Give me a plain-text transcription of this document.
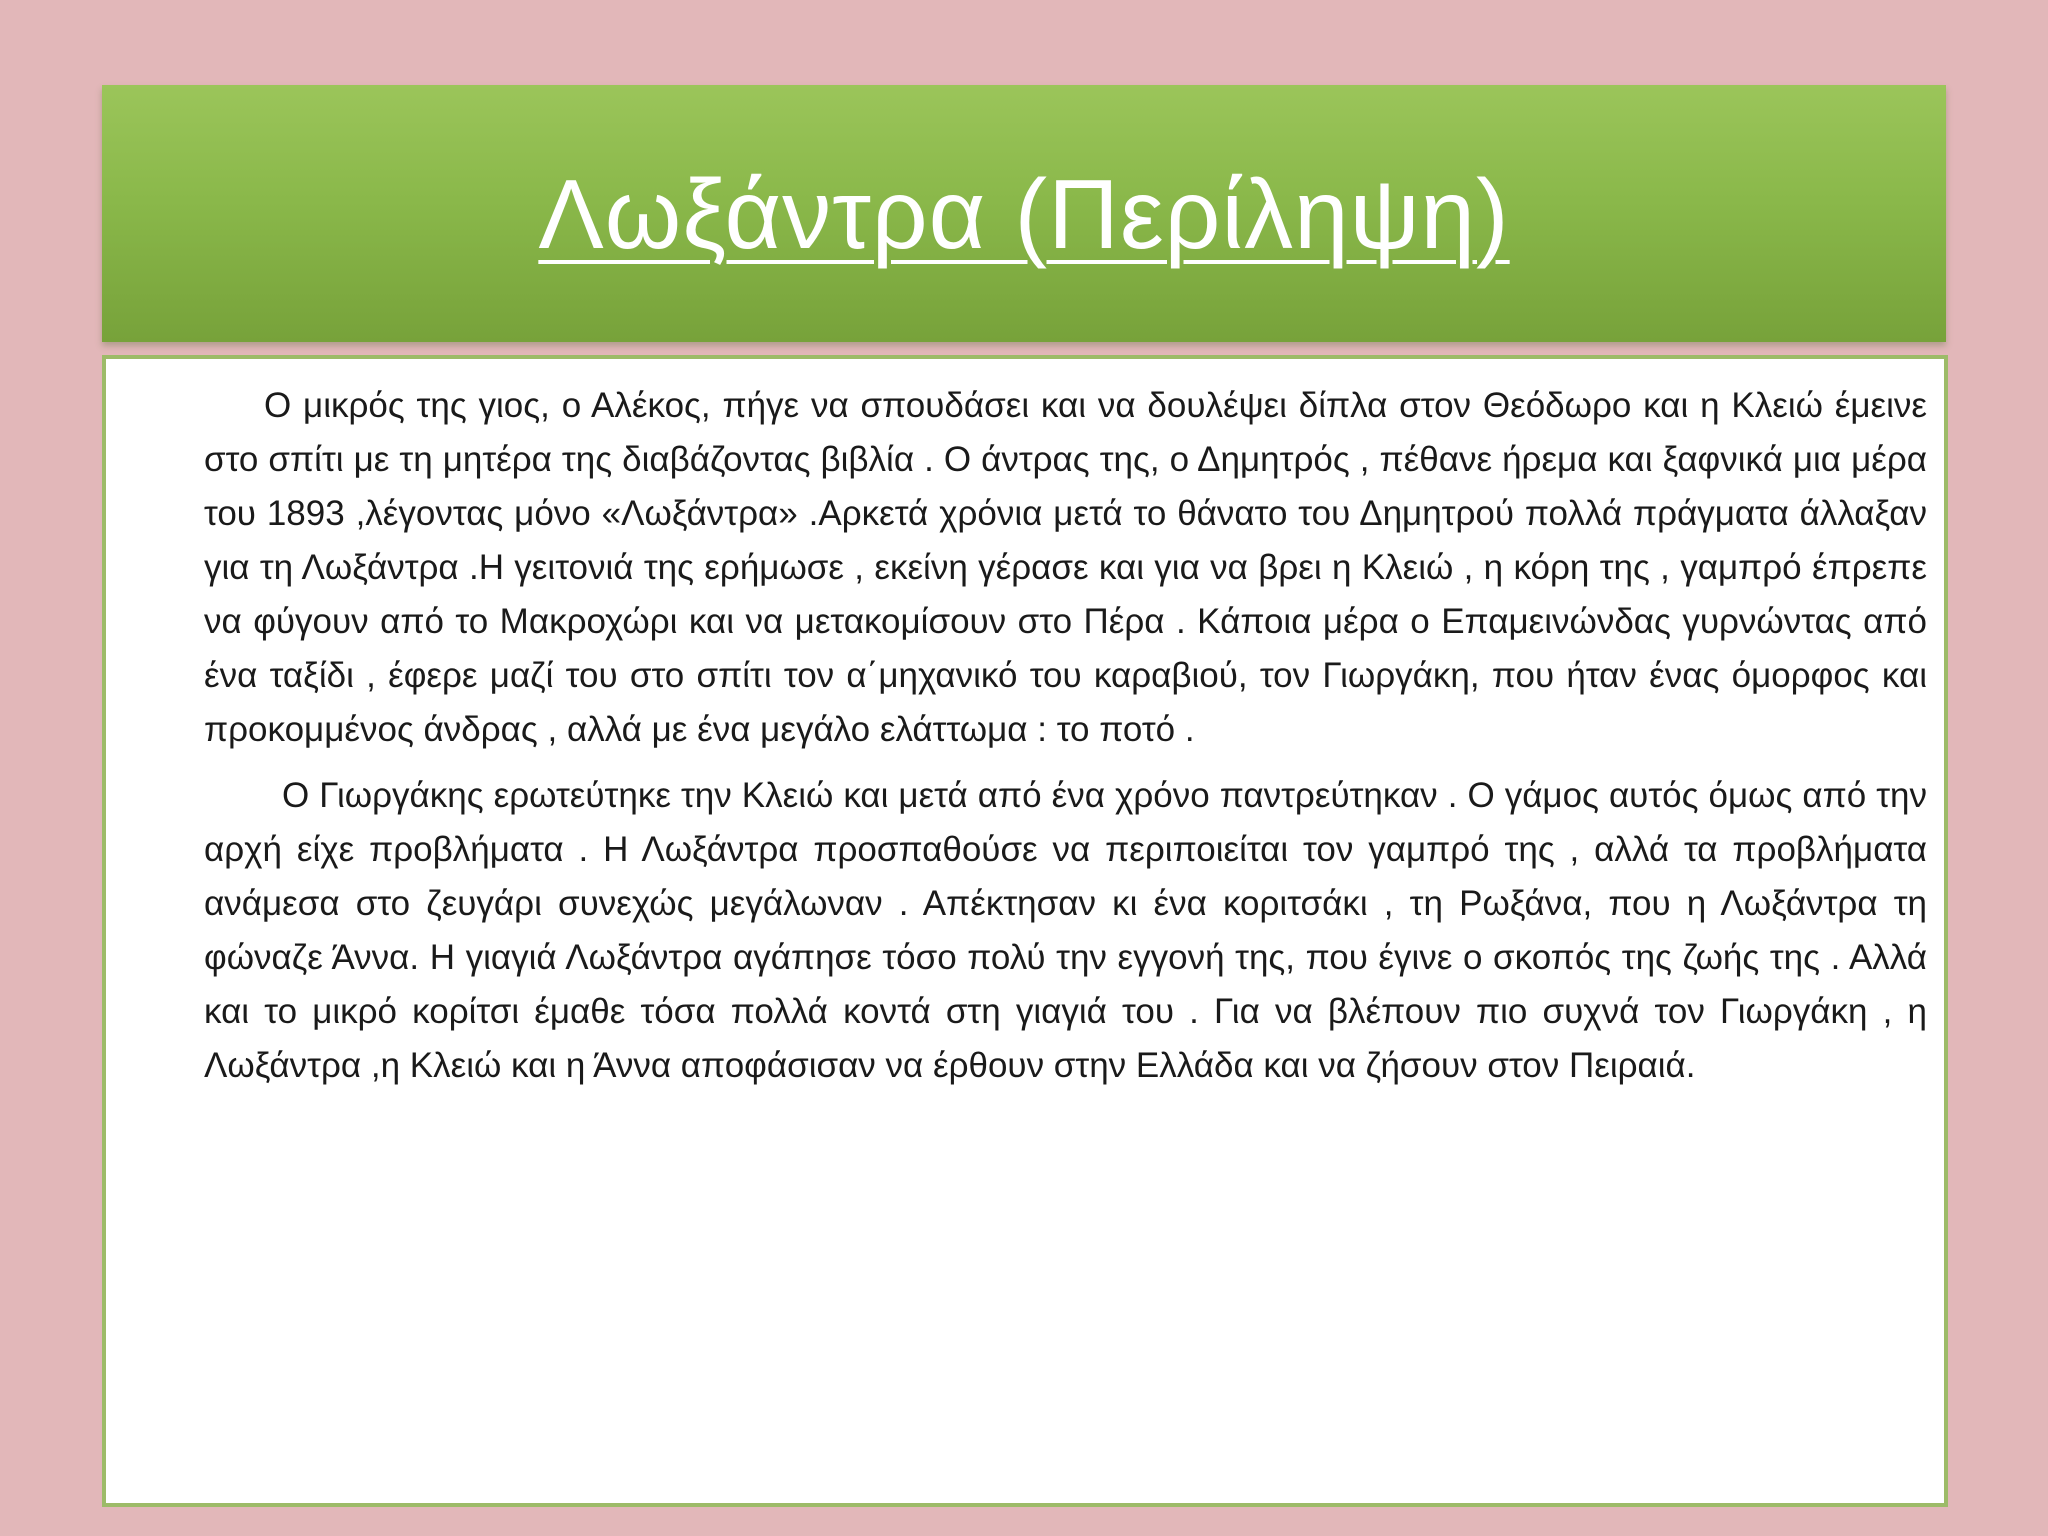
Λωξάντρα (Περίληψη)

Ο μικρός της γιος, ο Αλέκος, πήγε να σπουδάσει και να δουλέψει δίπλα στον Θεόδωρο και η Κλειώ έμεινε στο σπίτι με τη μητέρα της διαβάζοντας βιβλία . Ο άντρας της, ο Δημητρός , πέθανε ήρεμα και ξαφνικά μια μέρα του 1893 ,λέγοντας μόνο «Λωξάντρα» .Αρκετά χρόνια μετά το θάνατο του Δημητρού πολλά πράγματα άλλαξαν για τη Λωξάντρα .Η γειτονιά της ερήμωσε , εκείνη γέρασε και για να βρει η Κλειώ , η κόρη της , γαμπρό έπρεπε να φύγουν από το Μακροχώρι και να μετακομίσουν στο Πέρα . Κάποια μέρα ο Επαμεινώνδας γυρνώντας από ένα ταξίδι , έφερε μαζί του στο σπίτι τον α΄μηχανικό του καραβιού, τον Γιωργάκη, που ήταν ένας όμορφος και προκομμένος άνδρας , αλλά με ένα μεγάλο ελάττωμα : το ποτό .

Ο Γιωργάκης ερωτεύτηκε την Κλειώ και μετά από ένα χρόνο παντρεύτηκαν . Ο γάμος αυτός όμως από την αρχή είχε προβλήματα . Η Λωξάντρα προσπαθούσε να περιποιείται τον γαμπρό της , αλλά τα προβλήματα ανάμεσα στο ζευγάρι συνεχώς μεγάλωναν . Απέκτησαν κι ένα κοριτσάκι , τη Ρωξάνα, που η Λωξάντρα τη φώναζε Άννα. Η γιαγιά Λωξάντρα αγάπησε τόσο πολύ την εγγονή της, που έγινε ο σκοπός της ζωής της . Αλλά και το μικρό κορίτσι έμαθε τόσα πολλά κοντά στη γιαγιά του . Για να βλέπουν πιο συχνά τον Γιωργάκη , η Λωξάντρα ,η Κλειώ και η Άννα αποφάσισαν να έρθουν στην Ελλάδα και να ζήσουν στον Πειραιά.
